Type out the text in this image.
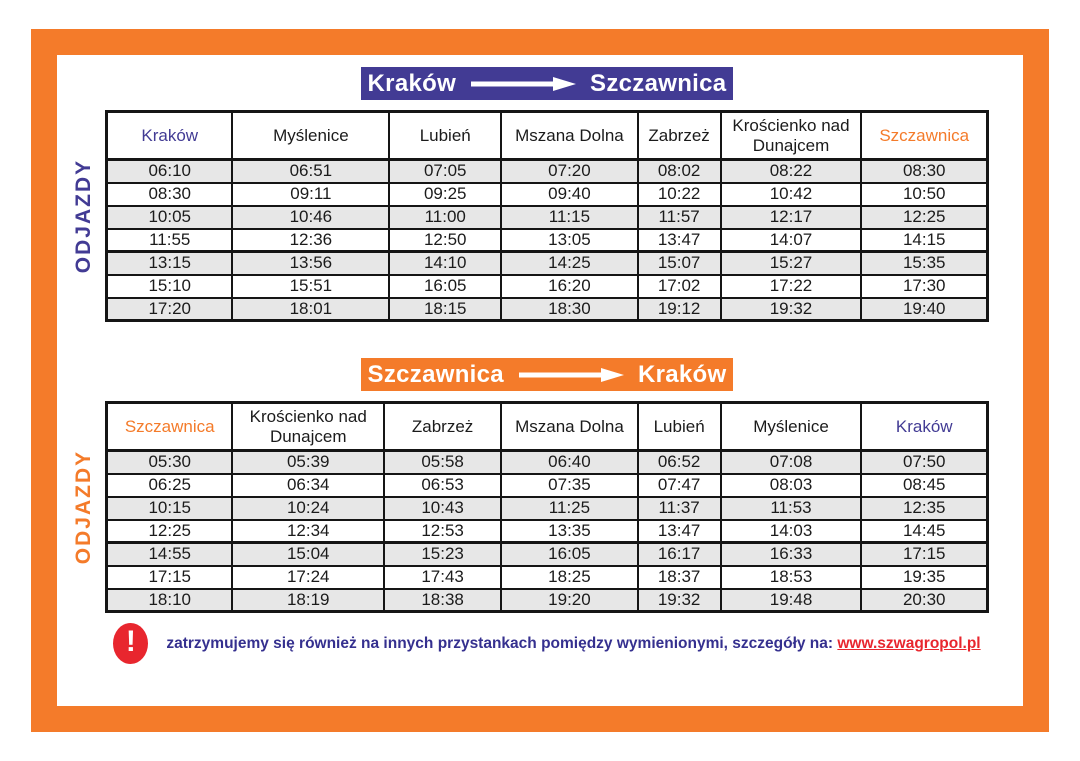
Kraków	Szczawnica
ODJAZDY
Kraków	Myślenice	Lubień	Mszana Dolna	Zabrzeż	Krościenko nad Dunajcem	Szczawnica
06:10	06:51	07:05	07:20	08:02	08:22	08:30
08:30	09:11	09:25	09:40	10:22	10:42	10:50
10:05	10:46	11:00	11:15	11:57	12:17	12:25
11:55	12:36	12:50	13:05	13:47	14:07	14:15
13:15	13:56	14:10	14:25	15:07	15:27	15:35
15:10	15:51	16:05	16:20	17:02	17:22	17:30
17:20	18:01	18:15	18:30	19:12	19:32	19:40
Szczawnica	Kraków
ODJAZDY
Szczawnica	Krościenko nad Dunajcem	Zabrzeż	Mszana Dolna	Lubień	Myślenice	Kraków
05:30	05:39	05:58	06:40	06:52	07:08	07:50
06:25	06:34	06:53	07:35	07:47	08:03	08:45
10:15	10:24	10:43	11:25	11:37	11:53	12:35
12:25	12:34	12:53	13:35	13:47	14:03	14:45
14:55	15:04	15:23	16:05	16:17	16:33	17:15
17:15	17:24	17:43	18:25	18:37	18:53	19:35
18:10	18:19	18:38	19:20	19:32	19:48	20:30
!	zatrzymujemy się również na innych przystankach pomiędzy wymienionymi, szczegóły na: www.szwagropol.pl
